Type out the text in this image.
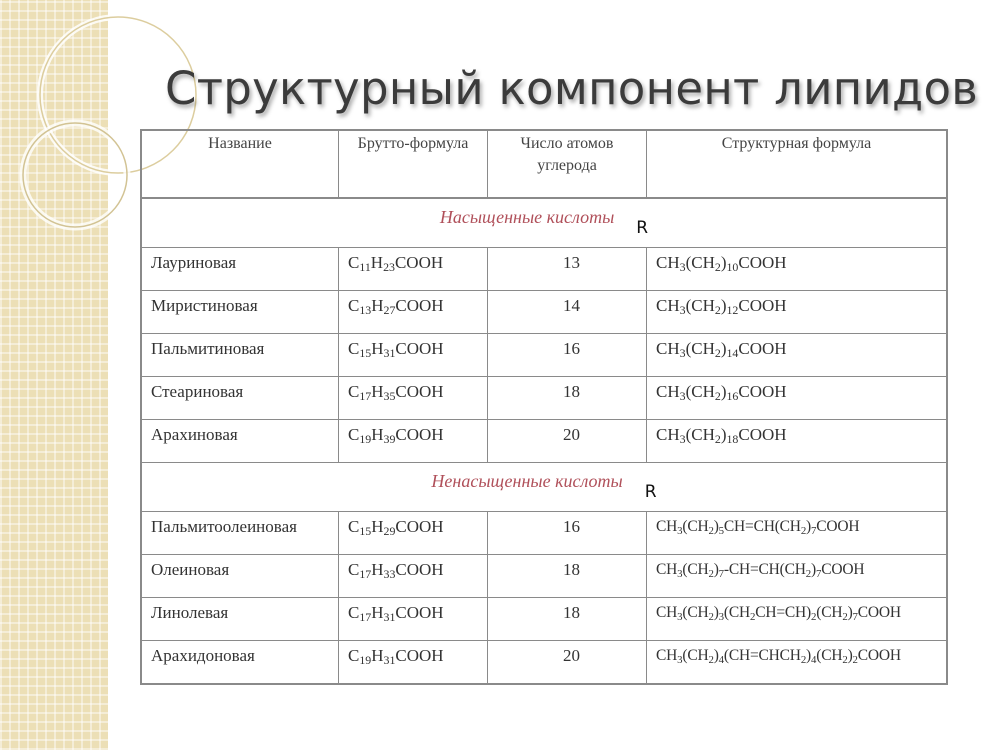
Структурный компонент липидов
Название	Брутто-формула	Число атомов углерода	Структурная формула
Насыщенные кислотыR			
Лауриновая	$C_{11}H_{23}COOH$	13	$CH_3(CH_2)_{10}COOH$
Миристиновая	$C_{13}H_{27}COOH$	14	$CH_3(CH_2)_{12}COOH$
Пальмитиновая	$C_{15}H_{31}COOH$	16	$CH_3(CH_2)_{14}COOH$
Стеариновая	$C_{17}H_{35}COOH$	18	$CH_3(CH_2)_{16}COOH$
Арахиновая	$C_{19}H_{39}COOH$	20	$CH_3(CH_2)_{18}COOH$
Ненасыщенные кислотыR			
Пальмитоолеиновая	$C_{15}H_{29}COOH$	16	$CH_3(CH_2)_5CH=CH(CH_2)_7COOH$
Олеиновая	$C_{17}H_{33}COOH$	18	$CH_3(CH_2)_7-CH=CH(CH_2)_7COOH$
Линолевая	$C_{17}H_{31}COOH$	18	$CH_3(CH_2)_3(CH_2CH=CH)_2(CH_2)_7COOH$
Арахидоновая	$C_{19}H_{31}COOH$	20	$CH_3(CH_2)_4(CH=CHCH_2)_4(CH_2)_2COOH$
